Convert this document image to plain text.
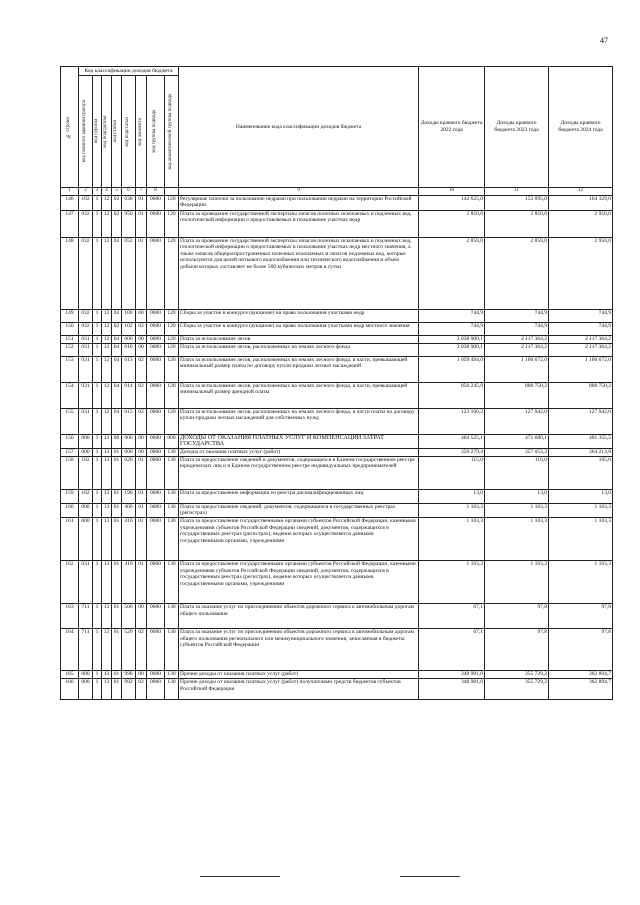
47
№ строки	Код классификации доходов бюджета								Наименование кода классификации доходов бюджета	Доходы краевого бюджета 2022 года	Доходы краевого бюджета 2023 года	Доходы краевого бюджета 2024 года

	код главного администратора	код группы	код подгруппы	код статьи	код подстатьи	код элемента	код группы подвида	код аналитической группы подвида				

1	2	3	4	5	6	7	8		9	10	11	12
146	182	1	12	02	030	01	0000	120	Регулярные платежи за пользование недрами при пользовании недрами на территории Российской Федерации	142 625,0	153 095,0	164 329,0
147	032	1	12	02	050	01	0000	120	Плата за проведение государственной экспертизы запасов полезных ископаемых и подземных вод, геологической информации о предоставляемых в пользование участках недр	2 850,0	2 850,0	2 950,0
148	032	1	12	02	052	01	0000	120	Плата за проведение государственной экспертизы запасов полезных ископаемых и подземных вод, геологической информации о предоставляемых в пользование участках недр местного значения, а также запасов общераспространенных полезных ископаемых и запасов подземных вод, которые используются для целей питьевого водоснабжения или технического водоснабжения и объем добычи которых составляет не более 500 кубических метров в сутки	2 850,0	2 850,0	2 950,0
149	032	1	12	02	100	00	0000	120	Сборы за участие в конкурсе (аукционе) на право пользования участками недр	744,9	744,9	744,9
150	032	1	12	02	102	02	0000	120	Сборы за участие в конкурсе (аукционе) на право пользования участками недр местного значения	744,9	744,9	744,9
151	031	1	12	04	000	00	0000	120	Плата за использование лесов	2 038 900,1	2 117 364,2	2 117 364,2
152	031	1	12	04	010	00	0000	120	Плата за использование лесов, расположенных на землях лесного фонда	2 038 900,1	2 117 364,2	2 117 364,2
153	031	1	12	04	013	02	0000	120	Плата за использование лесов, расположенных на землях лесного фонда, в части, превышающей минимальный размер платы по договору купли-продажи лесных насаждений	1 059 494,0	1 100 672,0	1 100 672,0
154	031	1	12	04	014	02	0000	120	Плата за использование лесов, расположенных на землях лесного фонда, в части, превышающей минимальный размер арендной платы	856 245,9	888 750,2	888 750,2
155	031	1	12	04	015	02	0000	120	Плата за использование лесов, расположенных на землях лесного фонда, в части платы по договору купли-продажи лесных насаждений для собственных нужд	123 160,2	127 942,0	127 942,0
156	000	1	13	00	000	00	0000	000	ДОХОДЫ ОТ ОКАЗАНИЯ ПЛАТНЫХ УСЛУГ И КОМПЕНСАЦИИ ЗАТРАТ ГОСУДАРСТВА	464 525,1	471 680,1	481 355,5
157	000	1	13	01	000	00	0000	130	Доходы от оказания платных услуг (работ)	350 279,4	357 053,3	364 213,8
158	182	1	13	01	020	01	0000	130	Плата за предоставление сведений и документов, содержащихся в Едином государственном реестре юридических лиц и в Едином государственном реестре индивидуальных предпринимателей	115,0	110,0	105,0
159	182	1	13	01	190	01	0000	130	Плата за предоставление информации из реестра дисквалифицированных лиц	13,0	13,0	13,0
160	000	1	13	01	400	01	0000	130	Плата за предоставление сведений, документов, содержащихся в государственных реестрах (регистрах)	1 103,3	1 103,3	1 103,3
161	000	1	13	01	410	01	0000	130	Плата за предоставление государственными органами субъектов Российской Федерации, казенными учреждениями субъектов Российской Федерации сведений, документов, содержащихся в государственных реестрах (регистрах), ведение которых осуществляется данными государственными органами, учреждениями	1 103,3	1 103,3	1 103,3
162	031	1	13	01	410	01	0000	130	Плата за предоставление государственными органами субъектов Российской Федерации, казенными учреждениями субъектов Российской Федерации сведений, документов, содержащихся в государственных реестрах (регистрах), ведение которых осуществляется данными государственными органами, учреждениями	1 103,3	1 103,3	1 103,3
163	711	1	13	01	500	00	0000	130	Плата за оказание услуг по присоединению объектов дорожного сервиса к автомобильным дорогам общего пользования	67,1	97,8	97,8
164	711	1	13	01	520	02	0000	130	Плата за оказание услуг по присоединению объектов дорожного сервиса к автомобильным дорогам общего пользования регионального или межмуниципального значения, зачисляемая в бюджеты субъектов Российской Федерации	67,1	97,8	97,8
165	000	1	13	01	990	00	0000	130	Прочие доходы от оказания платных услуг (работ)	348 981,0	355 729,2	362 894,7
166	000	1	13	01	992	02	0000	130	Прочие доходы от оказания платных услуг (работ) получателями средств бюджетов субъектов Российской Федерации	348 981,0	355 729,2	362 894,7
